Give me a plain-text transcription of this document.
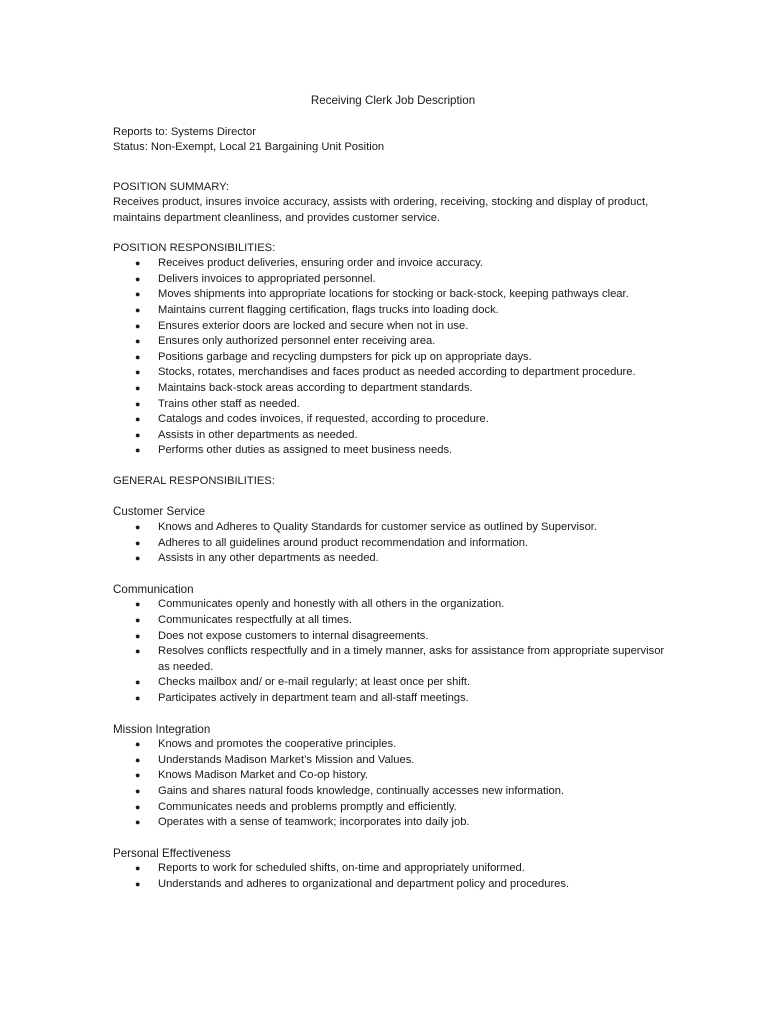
Receiving Clerk Job Description

Reports to: Systems Director

Status: Non-Exempt, Local 21 Bargaining Unit Position

POSITION SUMMARY:

Receives product, insures invoice accuracy, assists with ordering, receiving, stocking and display of product, maintains department cleanliness, and provides customer service.

POSITION RESPONSIBILITIES:

● Receives product deliveries, ensuring order and invoice accuracy.
● Delivers invoices to appropriated personnel.
● Moves shipments into appropriate locations for stocking or back-stock, keeping pathways clear.
● Maintains current flagging certification, flags trucks into loading dock.
● Ensures exterior doors are locked and secure when not in use.
● Ensures only authorized personnel enter receiving area.
● Positions garbage and recycling dumpsters for pick up on appropriate days.
● Stocks, rotates, merchandises and faces product as needed according to department procedure.
● Maintains back-stock areas according to department standards.
● Trains other staff as needed.
● Catalogs and codes invoices, if requested, according to procedure.
● Assists in other departments as needed.
● Performs other duties as assigned to meet business needs.

GENERAL RESPONSIBILITIES:

Customer Service

● Knows and Adheres to Quality Standards for customer service as outlined by Supervisor.
● Adheres to all guidelines around product recommendation and information.
● Assists in any other departments as needed.

Communication

● Communicates openly and honestly with all others in the organization.
● Communicates respectfully at all times.
● Does not expose customers to internal disagreements.
● Resolves conflicts respectfully and in a timely manner, asks for assistance from appropriate supervisor as needed.
● Checks mailbox and/ or e-mail regularly; at least once per shift.
● Participates actively in department team and all-staff meetings.

Mission Integration

● Knows and promotes the cooperative principles.
● Understands Madison Market’s Mission and Values.
● Knows Madison Market and Co-op history.
● Gains and shares natural foods knowledge, continually accesses new information.
● Communicates needs and problems promptly and efficiently.
● Operates with a sense of teamwork; incorporates into daily job.

Personal Effectiveness

● Reports to work for scheduled shifts, on-time and appropriately uniformed.
● Understands and adheres to organizational and department policy and procedures.
